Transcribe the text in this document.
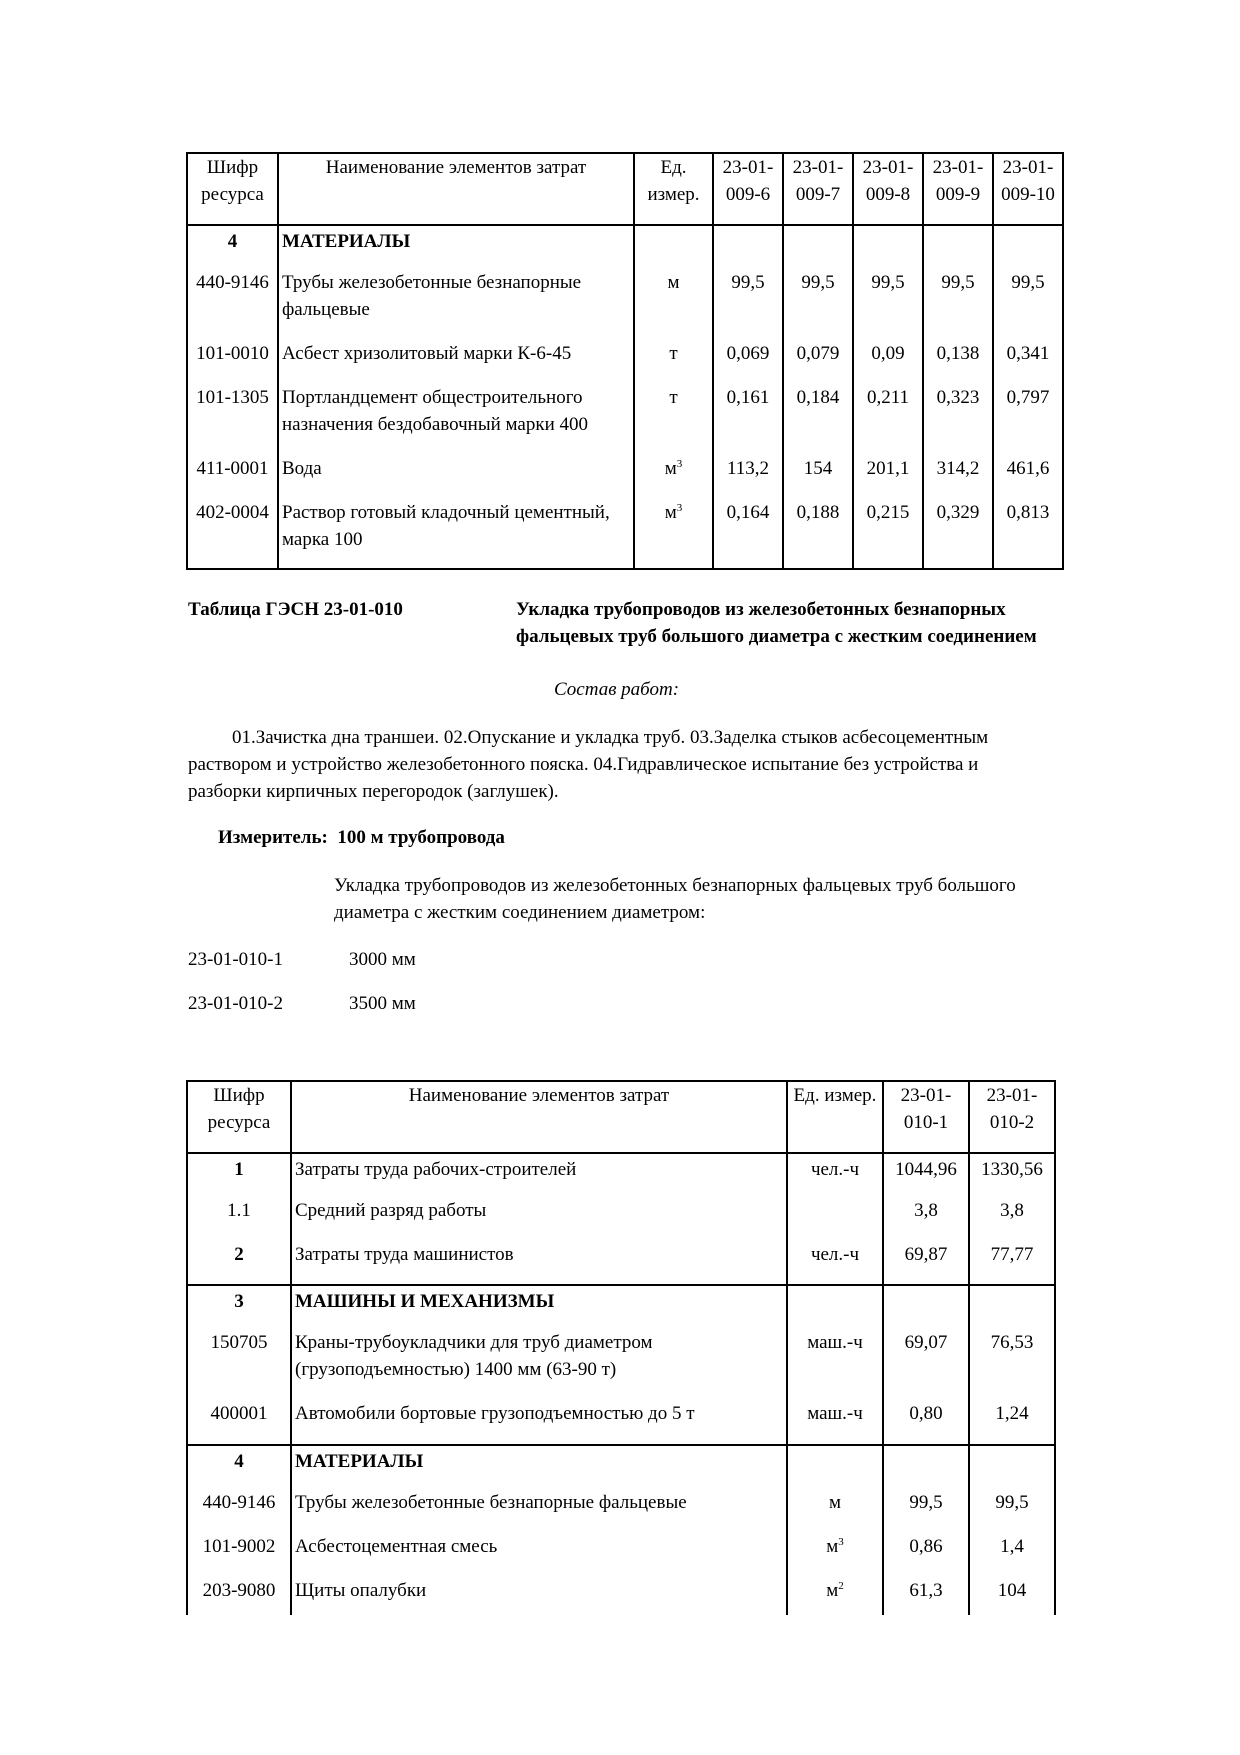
Шифр ресурса	Наименование элементов затрат	Ед. измер.	23-01-009-6	23-01-009-7	23-01-009-8	23-01-009-9	23-01-009-10
4	МАТЕРИАЛЫ						
440-9146	Трубы железобетонные безнапорные фальцевые	м	99,5	99,5	99,5	99,5	99,5
101-0010	Асбест хризолитовый марки К-6-45	т	0,069	0,079	0,09	0,138	0,341
101-1305	Портландцемент общестроительного назначения бездобавочный марки 400	т	0,161	0,184	0,211	0,323	0,797
411-0001	Вода	$м^3$	113,2	154	201,1	314,2	461,6
402-0004	Раствор готовый кладочный цементный, марка 100	$м^3$	0,164	0,188	0,215	0,329	0,813
Таблица ГЭСН 23-01-010	Укладка трубопроводов из железобетонных безнапорных фальцевых труб большого диаметра с жестким соединением
Состав работ:
01.Зачистка дна траншеи. 02.Опускание и укладка труб. 03.Заделка стыков асбесоцементным раствором и устройство железобетонного пояска. 04.Гидравлическое испытание без устройства и разборки кирпичных перегородок (заглушек).
Измеритель: 100 м трубопровода
Укладка трубопроводов из железобетонных безнапорных фальцевых труб большого диаметра с жестким соединением диаметром:
23-01-010-1	3000 мм
23-01-010-2	3500 мм
Шифр ресурса	Наименование элементов затрат	Ед. измер.	23-01-010-1	23-01-010-2
1	Затраты труда рабочих-строителей	чел.-ч	1044,96	1330,56
1.1	Средний разряд работы		3,8	3,8
2	Затраты труда машинистов	чел.-ч	69,87	77,77
3	МАШИНЫ И МЕХАНИЗМЫ			
150705	Краны-трубоукладчики для труб диаметром (грузоподъемностью) 1400 мм (63-90 т)	маш.-ч	69,07	76,53
400001	Автомобили бортовые грузоподъемностью до 5 т	маш.-ч	0,80	1,24
4	МАТЕРИАЛЫ			
440-9146	Трубы железобетонные безнапорные фальцевые	м	99,5	99,5
101-9002	Асбестоцементная смесь	$м^3$	0,86	1,4
203-9080	Щиты опалубки	$м^2$	61,3	104
